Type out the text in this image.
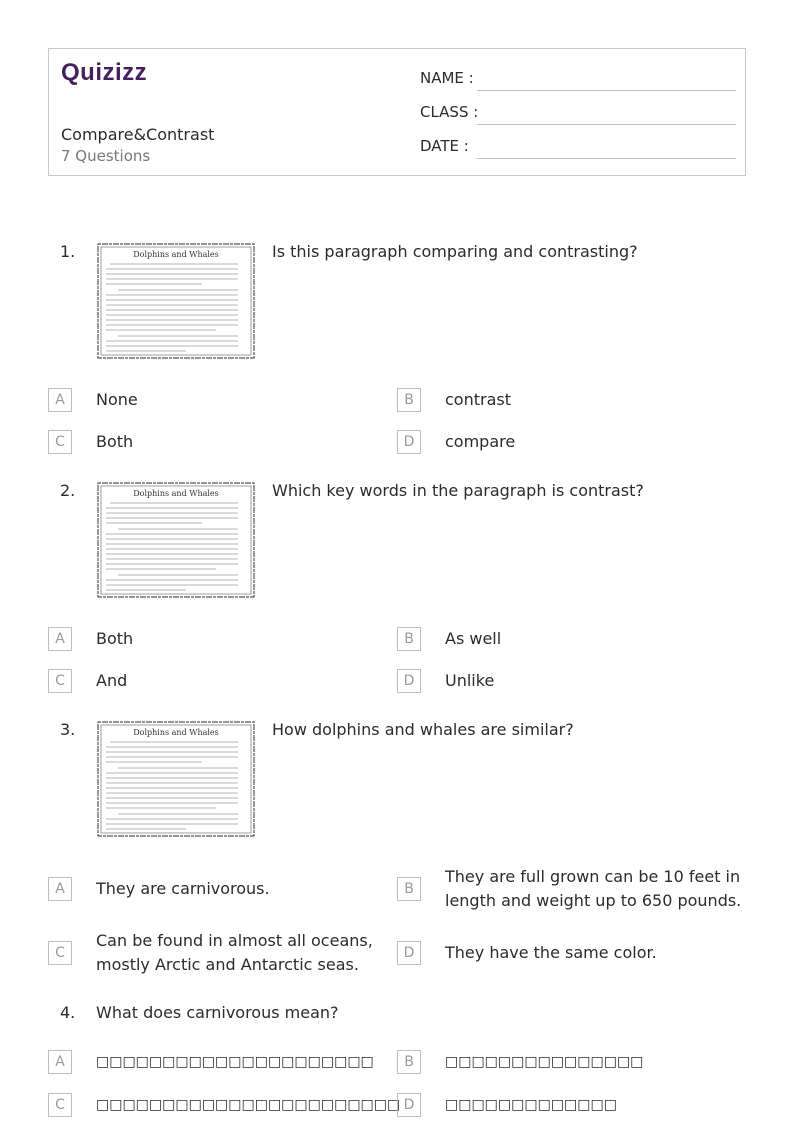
Quizizz
Compare&Contrast
7 Questions
NAME :
CLASS :
DATE :
1.	Dolphins and Whales	Is this paragraph comparing and contrasting?
A	None	B	contrast
C	Both	D	compare
2.	Dolphins and Whales	Which key words in the paragraph is contrast?
A	Both	B	As well
C	And	D	Unlike
3.	Dolphins and Whales	How dolphins and whales are similar?
A	They are carnivorous.	B
They are full grown can be 10 feet in length and weight up to 650 pounds.
C
Can be found in almost all oceans, mostly Arctic and Antarctic seas.
D	They have the same color.
4. What does carnivorous mean?
A	□□□□□□□□□□□□□□□□□□□□□	B	□□□□□□□□□□□□□□□
C	□□□□□□□□□□□□□□□□□□□□□□□ D	□□□□□□□□□□□□□
